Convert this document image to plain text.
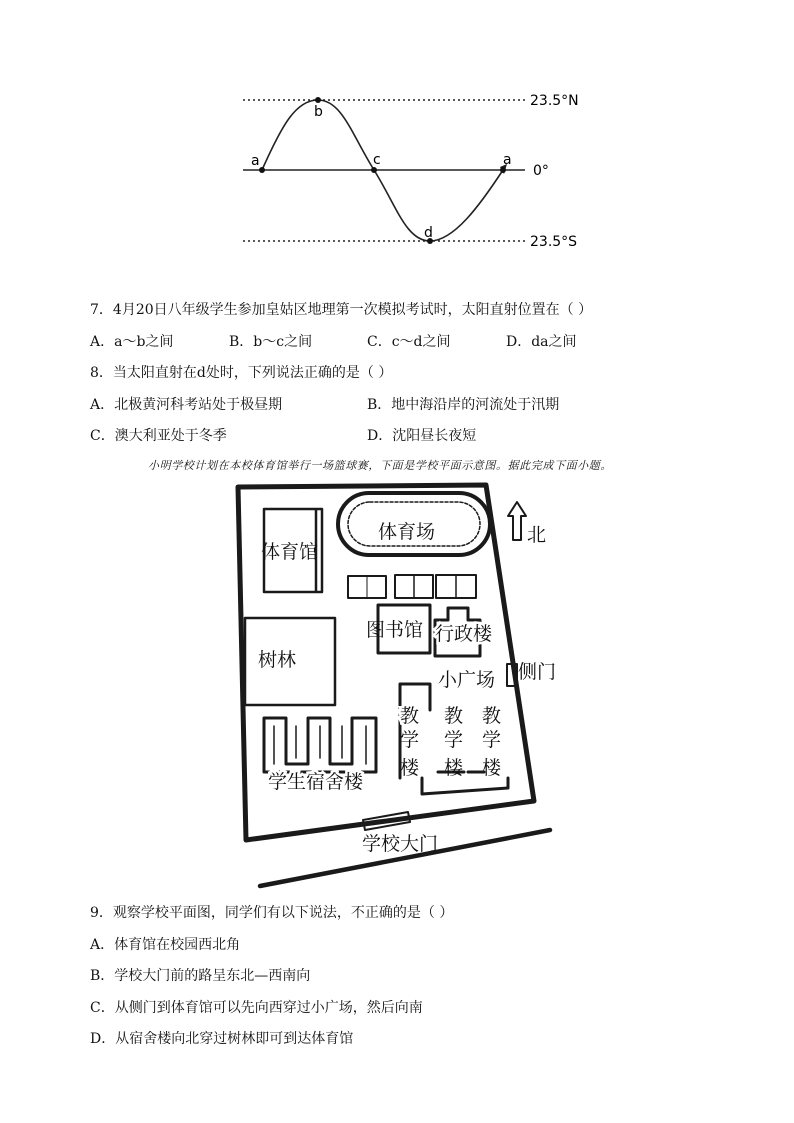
a
b
c
d
a
23.5°N
0°
23.5°S
7．4月20日八年级学生参加皇姑区地理第一次模拟考试时，太阳直射位置在（ ）
A．a～b之间	B．b～c之间	C．c～d之间	D．da之间
8．当太阳直射在d处时，下列说法正确的是（ ）
A．北极黄河科考站处于极昼期	B．地中海沿岸的河流处于汛期
C．澳大利亚处于冬季	D．沈阳昼长夜短
小明学校计划在本校体育馆举行一场篮球赛，下面是学校平面示意图。据此完成下面小题。
体育馆
体育场	北
图书馆 行政楼
树林
侧门
小广场
教
学
楼
教
学
楼
教
学
楼
学生宿舍楼
学校大门
9．观察学校平面图，同学们有以下说法，不正确的是（ ）
A．体育馆在校园西北角
B．学校大门前的路呈东北—西南向
C．从侧门到体育馆可以先向西穿过小广场，然后向南
D．从宿舍楼向北穿过树林即可到达体育馆
